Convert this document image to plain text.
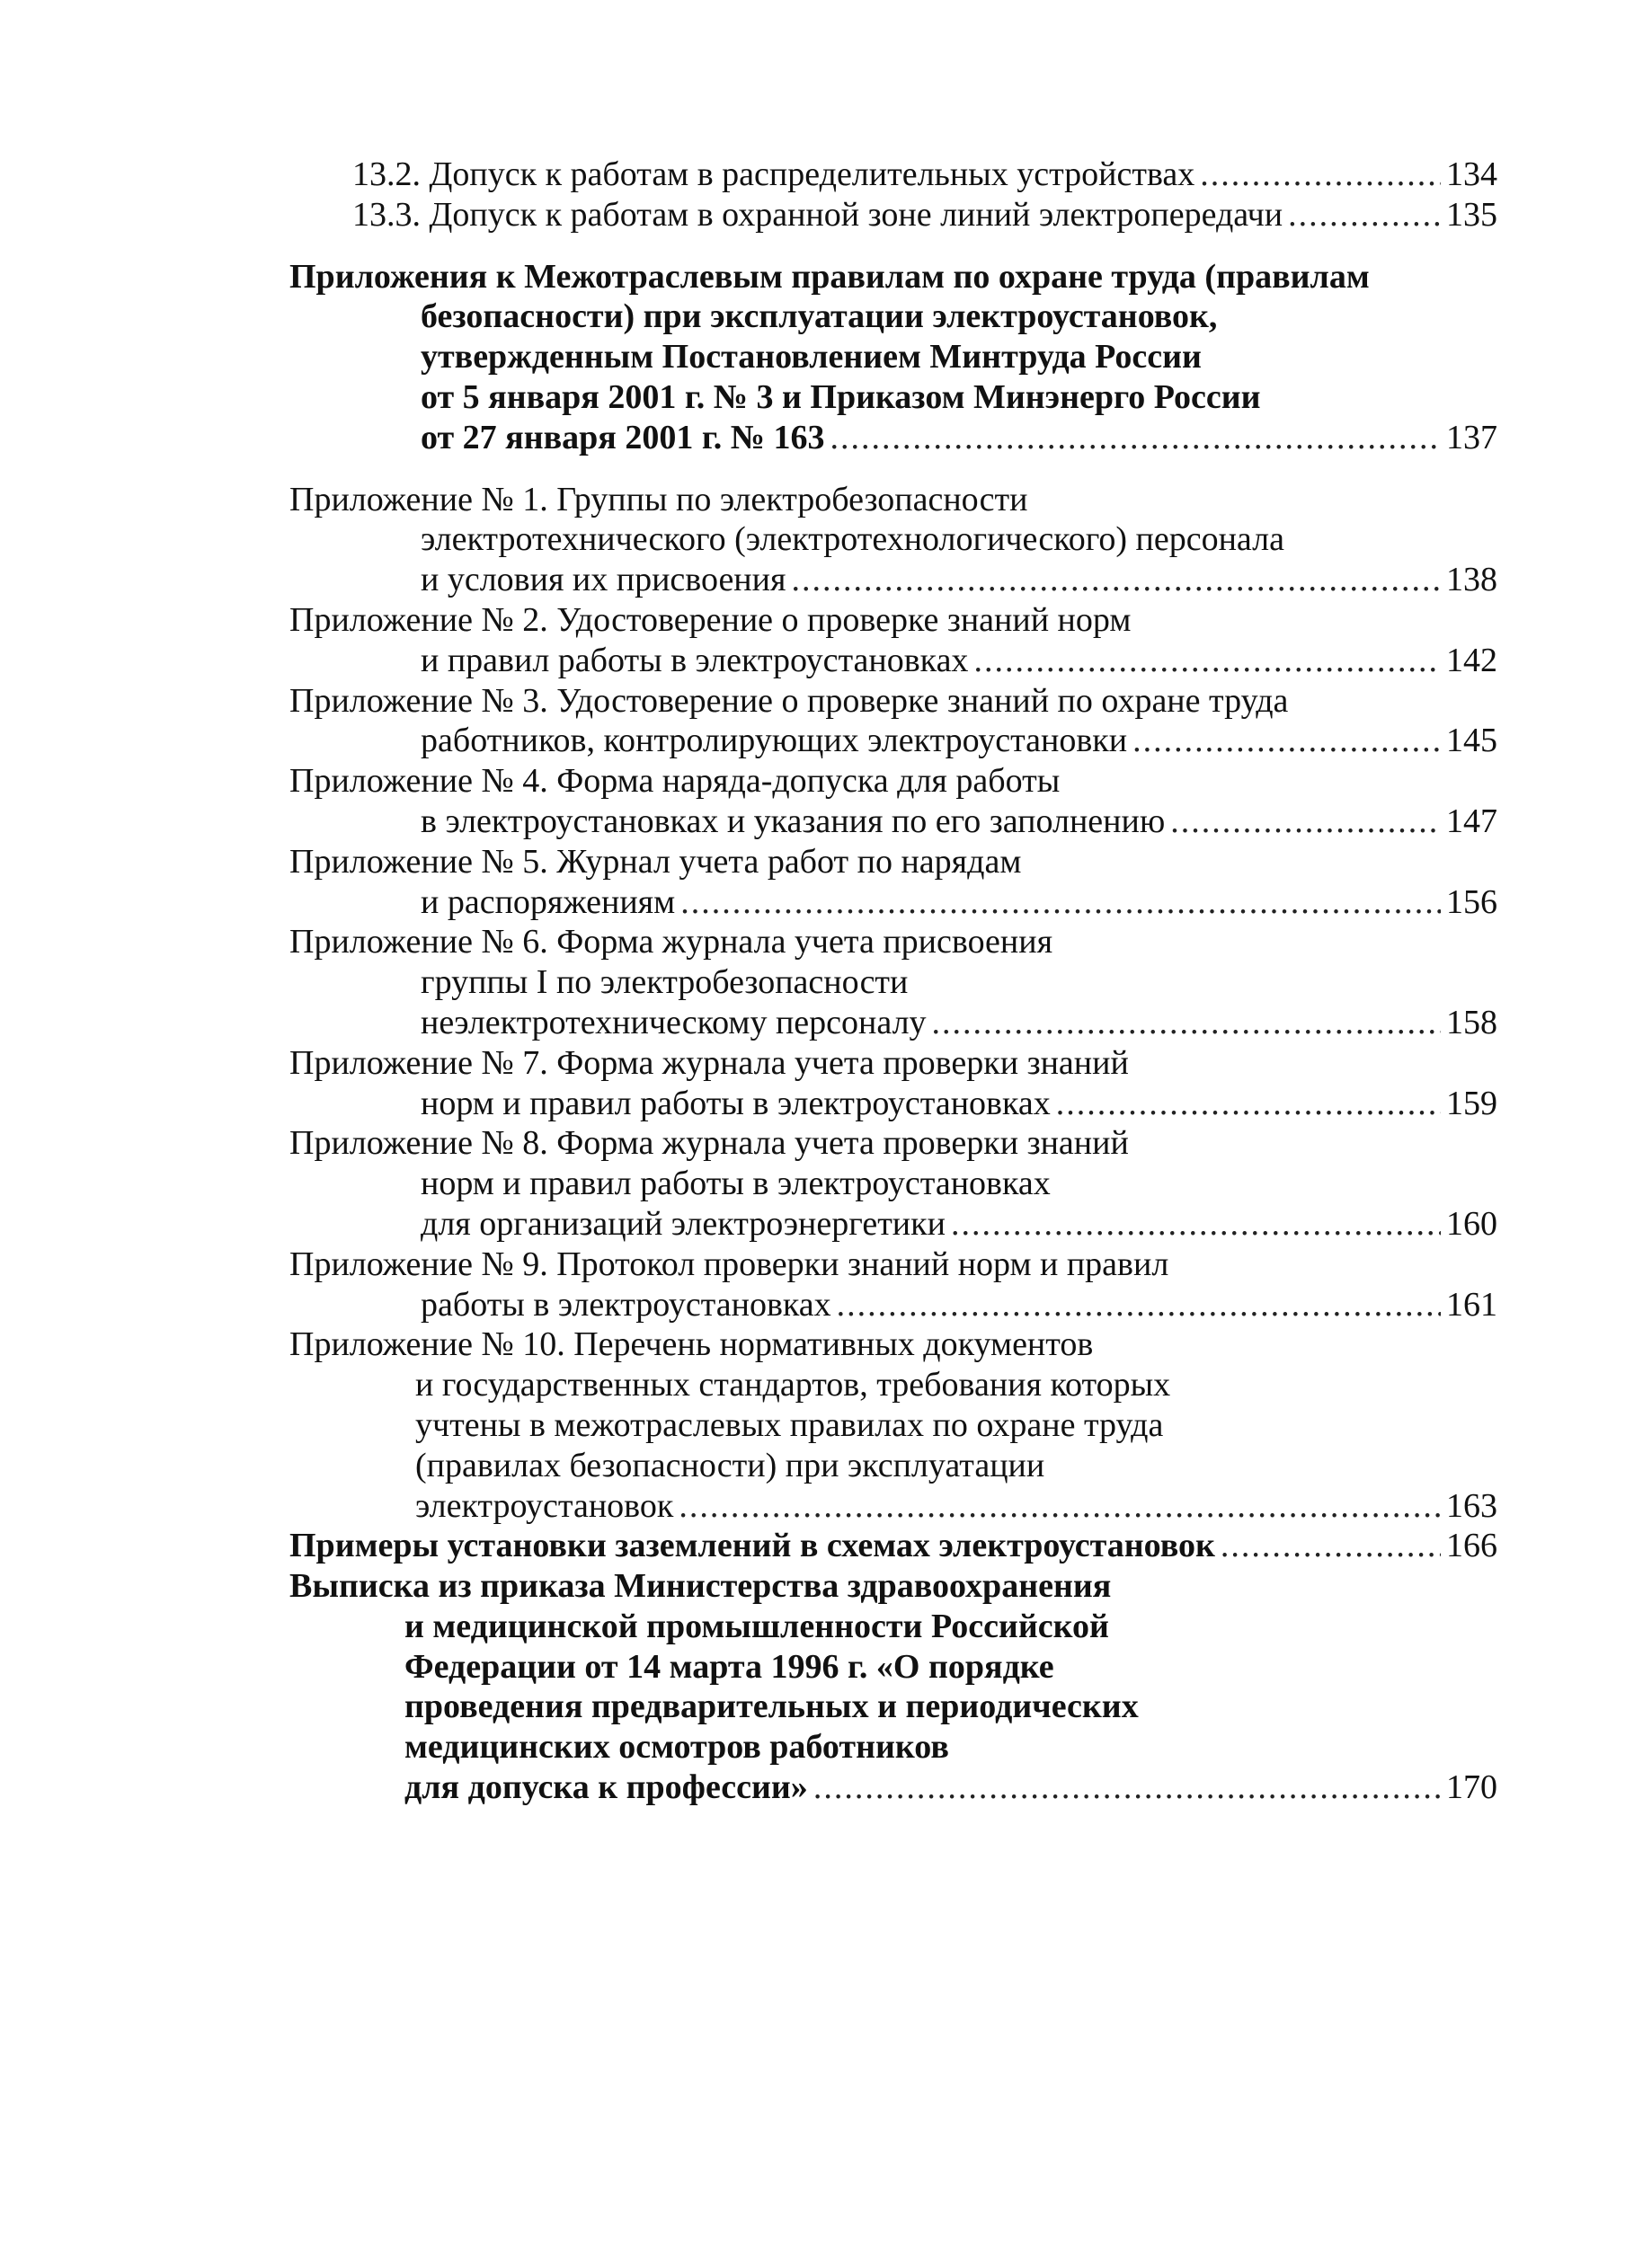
13.2. Допуск к работам в распределительных устройствах .....	134
13.3. Допуск к работам в охранной зоне линий электропередачи .....	135
Приложения к Межотраслевым правилам по охране труда (правилам
безопасности) при эксплуатации электроустановок,
утвержденным Постановлением Минтруда России
от 5 января 2001 г. № 3 и Приказом Минэнерго России
от 27 января 2001 г. № 163 .....	137
Приложение № 1. Группы по электробезопасности
электротехнического (электротехнологического) персонала
и условия их присвоения .....	138
Приложение № 2. Удостоверение о проверке знаний норм
и правил работы в электроустановках .....	142
Приложение № 3. Удостоверение о проверке знаний по охране труда
работников, контролирующих электроустановки .....	145
Приложение № 4. Форма наряда-допуска для работы
в электроустановках и указания по его заполнению .....	147
Приложение № 5. Журнал учета работ по нарядам
и распоряжениям .....	156
Приложение № 6. Форма журнала учета присвоения
группы I по электробезопасности
неэлектротехническому персоналу .....	158
Приложение № 7. Форма журнала учета проверки знаний
норм и правил работы в электроустановках .....	159
Приложение № 8. Форма журнала учета проверки знаний
норм и правил работы в электроустановках
для организаций электроэнергетики .....	160
Приложение № 9. Протокол проверки знаний норм и правил
работы в электроустановках .....	161
Приложение № 10. Перечень нормативных документов
и государственных стандартов, требования которых
учтены в межотраслевых правилах по охране труда
(правилах безопасности) при эксплуатации
электроустановок .....	163
Примеры установки заземлений в схемах электроустановок .....	166
Выписка из приказа Министерства здравоохранения
и медицинской промышленности Российской
Федерации от 14 марта 1996 г. «О порядке
проведения предварительных и периодических
медицинских осмотров работников
для допуска к профессии» .....	170
